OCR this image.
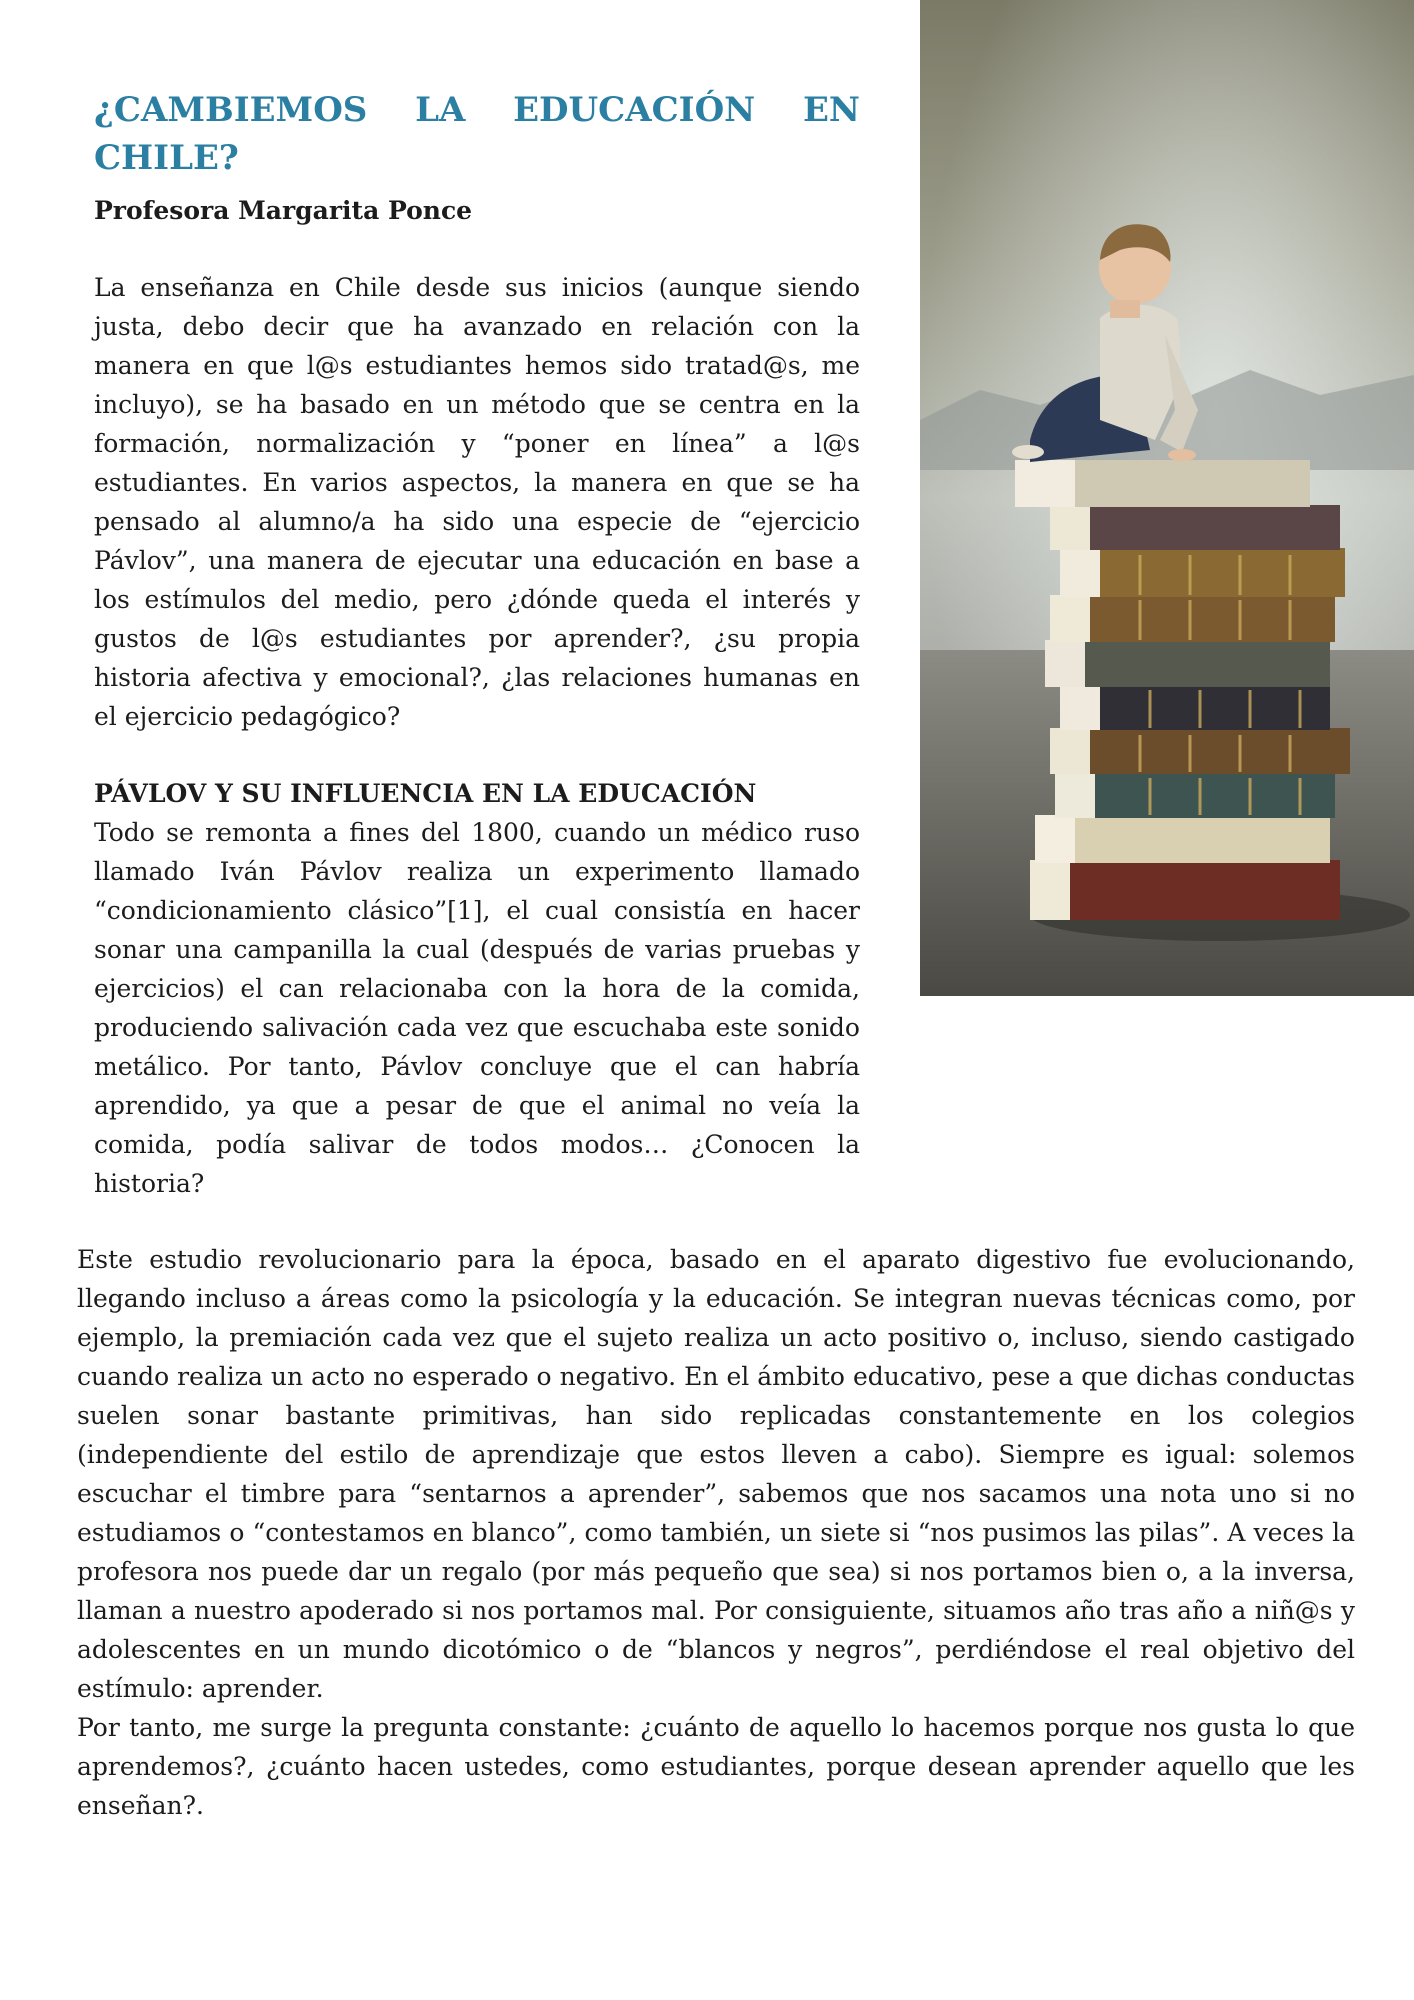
¿CAMBIEMOS LA EDUCACIÓN EN
CHILE?

Profesora Margarita Ponce

La enseñanza en Chile desde sus inicios (aunque siendo justa, debo decir que ha avanzado en relación con la manera en que l@s estudiantes hemos sido tratad@s, me incluyo), se ha basado en un método que se centra en la formación, normalización y “poner en línea” a l@s estudiantes. En varios aspectos, la manera en que se ha pensado al alumno/a ha sido una especie de “ejercicio Pávlov”, una manera de ejecutar una educación en base a los estímulos del medio, pero ¿dónde queda el interés y gustos de l@s estudiantes por aprender?, ¿su propia historia afectiva y emocional?, ¿las relaciones humanas en el ejercicio pedagógico?

PÁVLOV Y SU INFLUENCIA EN LA EDUCACIÓN

Todo se remonta a fines del 1800, cuando un médico ruso llamado Iván Pávlov realiza un experimento llamado “condicionamiento clásico”[1], el cual consistía en hacer sonar una campanilla la cual (después de varias pruebas y ejercicios) el can relacionaba con la hora de la comida, produciendo salivación cada vez que escuchaba este sonido metálico. Por tanto, Pávlov concluye que el can habría aprendido, ya que a pesar de que el animal no veía la comida, podía salivar de todos modos… ¿Conocen la historia?

Este estudio revolucionario para la época, basado en el aparato digestivo fue evolucionando, llegando incluso a áreas como la psicología y la educación. Se integran nuevas técnicas como, por ejemplo, la premiación cada vez que el sujeto realiza un acto positivo o, incluso, siendo castigado cuando realiza un acto no esperado o negativo. En el ámbito educativo, pese a que dichas conductas suelen sonar bastante primitivas, han sido replicadas constantemente en los colegios (independiente del estilo de aprendizaje que estos lleven a cabo). Siempre es igual: solemos escuchar el timbre para “sentarnos a aprender”, sabemos que nos sacamos una nota uno si no estudiamos o “contestamos en blanco”, como también, un siete si “nos pusimos las pilas”. A veces la profesora nos puede dar un regalo (por más pequeño que sea) si nos portamos bien o, a la inversa, llaman a nuestro apoderado si nos portamos mal. Por consiguiente, situamos año tras año a niñ@s y adolescentes en un mundo dicotómico o de “blancos y negros”, perdiéndose el real objetivo del estímulo: aprender.

Por tanto, me surge la pregunta constante: ¿cuánto de aquello lo hacemos porque nos gusta lo que aprendemos?, ¿cuánto hacen ustedes, como estudiantes, porque desean aprender aquello que les enseñan?.
